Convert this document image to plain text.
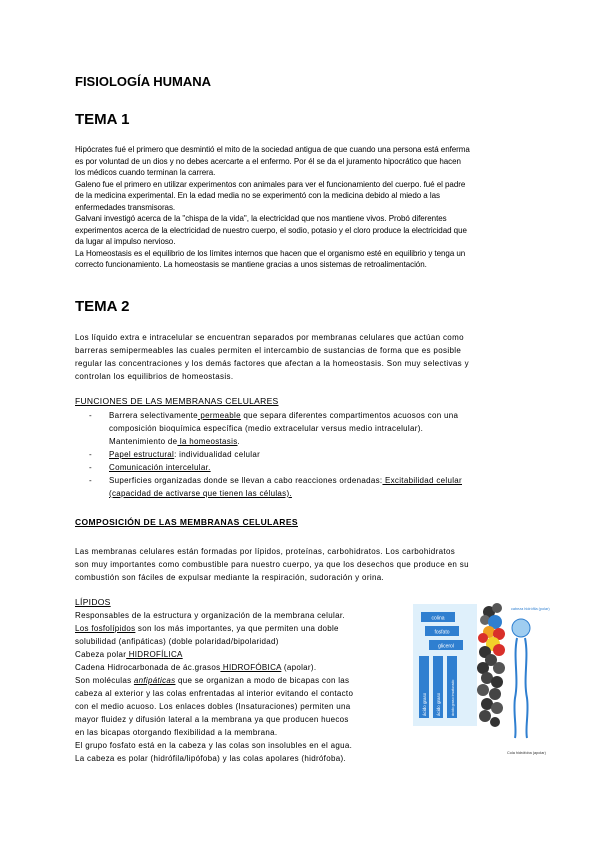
FISIOLOGÍA HUMANA
TEMA 1

Hipócrates fué el primero que desmintió el mito de la sociedad antigua de que cuando una persona está enferma

es por voluntad de un dios y no debes acercarte a el enfermo. Por él se da el juramento hipocrático que hacen

los médicos cuando terminan la carrera.

Galeno fue el primero en utilizar experimentos con animales para ver el funcionamiento del cuerpo. fué el padre

de la medicina experimental. En la edad media no se experimentó con la medicina debido al miedo a las

enfermedades transmisoras.

Galvani investigó acerca de la "chispa de la vida", la electricidad que nos mantiene vivos. Probó diferentes

experimentos acerca de la electricidad de nuestro cuerpo, el sodio, potasio y el cloro produce la electricidad que

da lugar al impulso nervioso.

La Homeostasis es el equilibrio de los límites internos que hacen que el organismo esté en equilibrio y tenga un

correcto funcionamiento. La homeostasis se mantiene gracias a unos sistemas de retroalimentación.

TEMA 2

Los líquido extra e intracelular se encuentran separados por membranas celulares que actúan como

barreras semipermeables las cuales permiten el intercambio de sustancias de forma que es posible

regular las concentraciones y los demás factores que afectan a la homeostasis. Son muy selectivas y

controlan los equilibrios de homeostasis.

FUNCIONES DE LAS MEMBRANAS CELULARES
- Barrera selectivamente permeable que separa diferentes compartimentos acuosos con una
composición bioquímica específica (medio extracelular versus medio intracelular).
Mantenimiento de la homeostasis.
- Papel estructural: individualidad celular
- Comunicación intercelular.
- Superficies organizadas donde se llevan a cabo reacciones ordenadas: Excitabilidad celular
(capacidad de activarse que tienen las células).
COMPOSICIÓN DE LAS MEMBRANAS CELULARES

Las membranas celulares están formadas por lípidos, proteínas, carbohidratos. Los carbohidratos

son muy importantes como combustible para nuestro cuerpo, ya que los desechos que produce en su

combustión son fáciles de expulsar mediante la respiración, sudoración y orina.

LÍPIDOS
Responsables de la estructura y organización de la membrana celular.
Los fosfolípidos son los más importantes, ya que permiten una doble
solubilidad (anfipáticas) (doble polaridad/bipolaridad)
Cabeza polar HIDROFÍLICA
Cadena Hidrocarbonada de ác.grasos HIDROFÓBICA (apolar).
Son moléculas anfipáticas que se organizan a modo de bicapas con las
cabeza al exterior y las colas enfrentadas al interior evitando el contacto
con el medio acuoso. Los enlaces dobles (Insaturaciones) permiten una
mayor fluidez y difusión lateral a la membrana ya que producen huecos
en las bicapas otorgando flexibilidad a la membrana.
El grupo fosfato está en la cabeza y las colas son insolubles en el agua.
La cabeza es polar (hidrófila/lipófoba) y las colas apolares (hidrófoba).
colina
fosfato
glicerol
ácido graso ácido graso	ácido graso insaturado
cabeza hidrófila (polar)
Cola hidrófoba (apolar)
